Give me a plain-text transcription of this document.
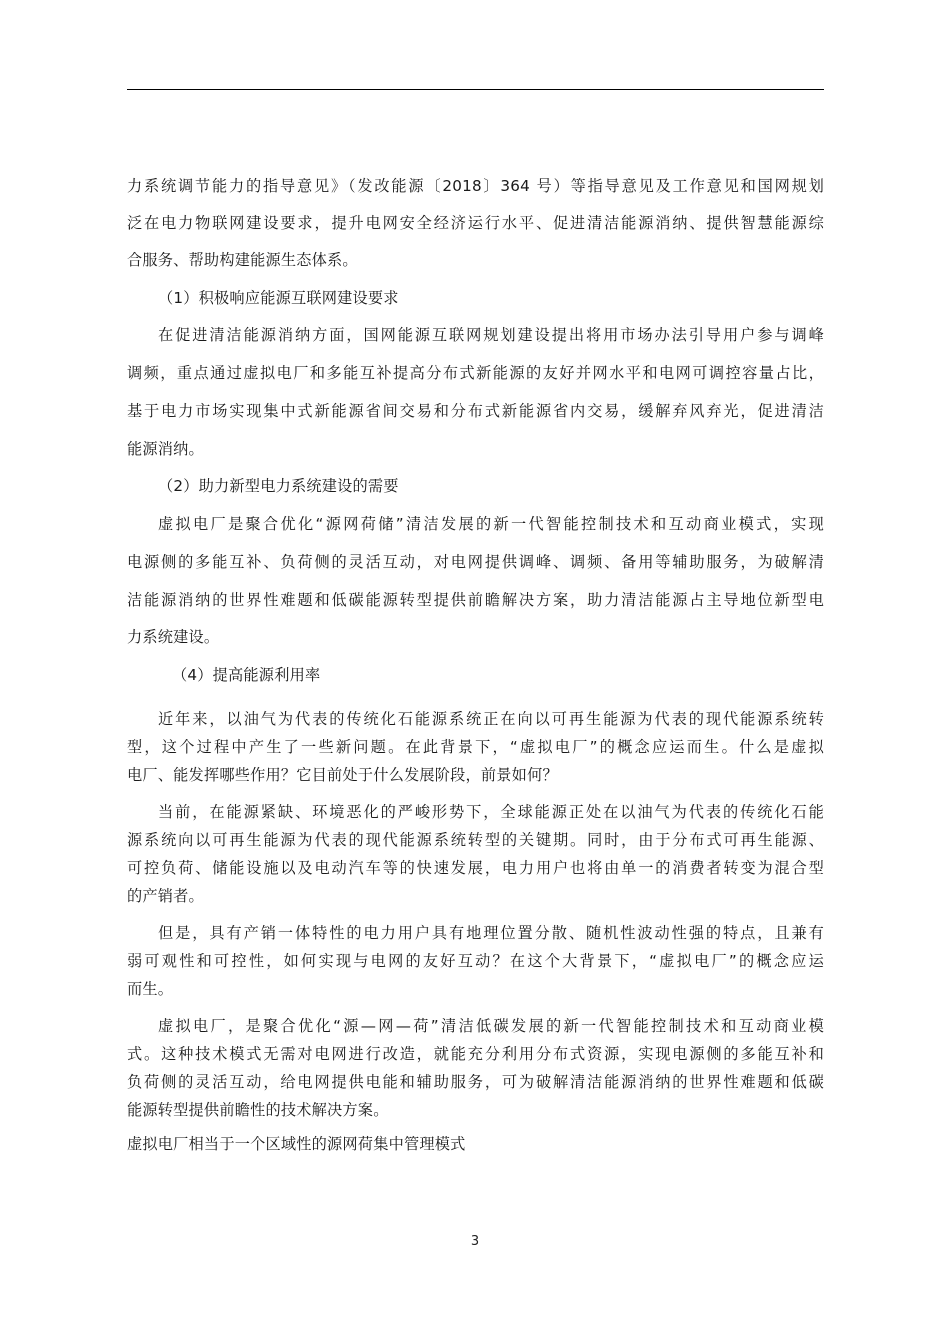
力系统调节能力的指导意见》（发改能源〔2018〕364 号）等指导意见及工作意见和国网规划
泛在电力物联网建设要求，提升电网安全经济运行水平、促进清洁能源消纳、提供智慧能源综
合服务、帮助构建能源生态体系。
（1）积极响应能源互联网建设要求
在促进清洁能源消纳方面，国网能源互联网规划建设提出将用市场办法引导用户参与调峰
调频，重点通过虚拟电厂和多能互补提高分布式新能源的友好并网水平和电网可调控容量占比，
基于电力市场实现集中式新能源省间交易和分布式新能源省内交易，缓解弃风弃光，促进清洁
能源消纳。
（2）助力新型电力系统建设的需要
虚拟电厂是聚合优化“源网荷储”清洁发展的新一代智能控制技术和互动商业模式，实现
电源侧的多能互补、负荷侧的灵活互动，对电网提供调峰、调频、备用等辅助服务，为破解清
洁能源消纳的世界性难题和低碳能源转型提供前瞻解决方案，助力清洁能源占主导地位新型电
力系统建设。
（4）提高能源利用率
近年来，以油气为代表的传统化石能源系统正在向以可再生能源为代表的现代能源系统转
型，这个过程中产生了一些新问题。在此背景下，“虚拟电厂”的概念应运而生。什么是虚拟
电厂、能发挥哪些作用？它目前处于什么发展阶段，前景如何？
当前，在能源紧缺、环境恶化的严峻形势下，全球能源正处在以油气为代表的传统化石能
源系统向以可再生能源为代表的现代能源系统转型的关键期。同时，由于分布式可再生能源、
可控负荷、储能设施以及电动汽车等的快速发展，电力用户也将由单一的消费者转变为混合型
的产销者。
但是，具有产销一体特性的电力用户具有地理位置分散、随机性波动性强的特点，且兼有
弱可观性和可控性，如何实现与电网的友好互动？在这个大背景下，“虚拟电厂”的概念应运
而生。
虚拟电厂，是聚合优化“源—网—荷”清洁低碳发展的新一代智能控制技术和互动商业模
式。这种技术模式无需对电网进行改造，就能充分利用分布式资源，实现电源侧的多能互补和
负荷侧的灵活互动，给电网提供电能和辅助服务，可为破解清洁能源消纳的世界性难题和低碳
能源转型提供前瞻性的技术解决方案。
虚拟电厂相当于一个区域性的源网荷集中管理模式
3
